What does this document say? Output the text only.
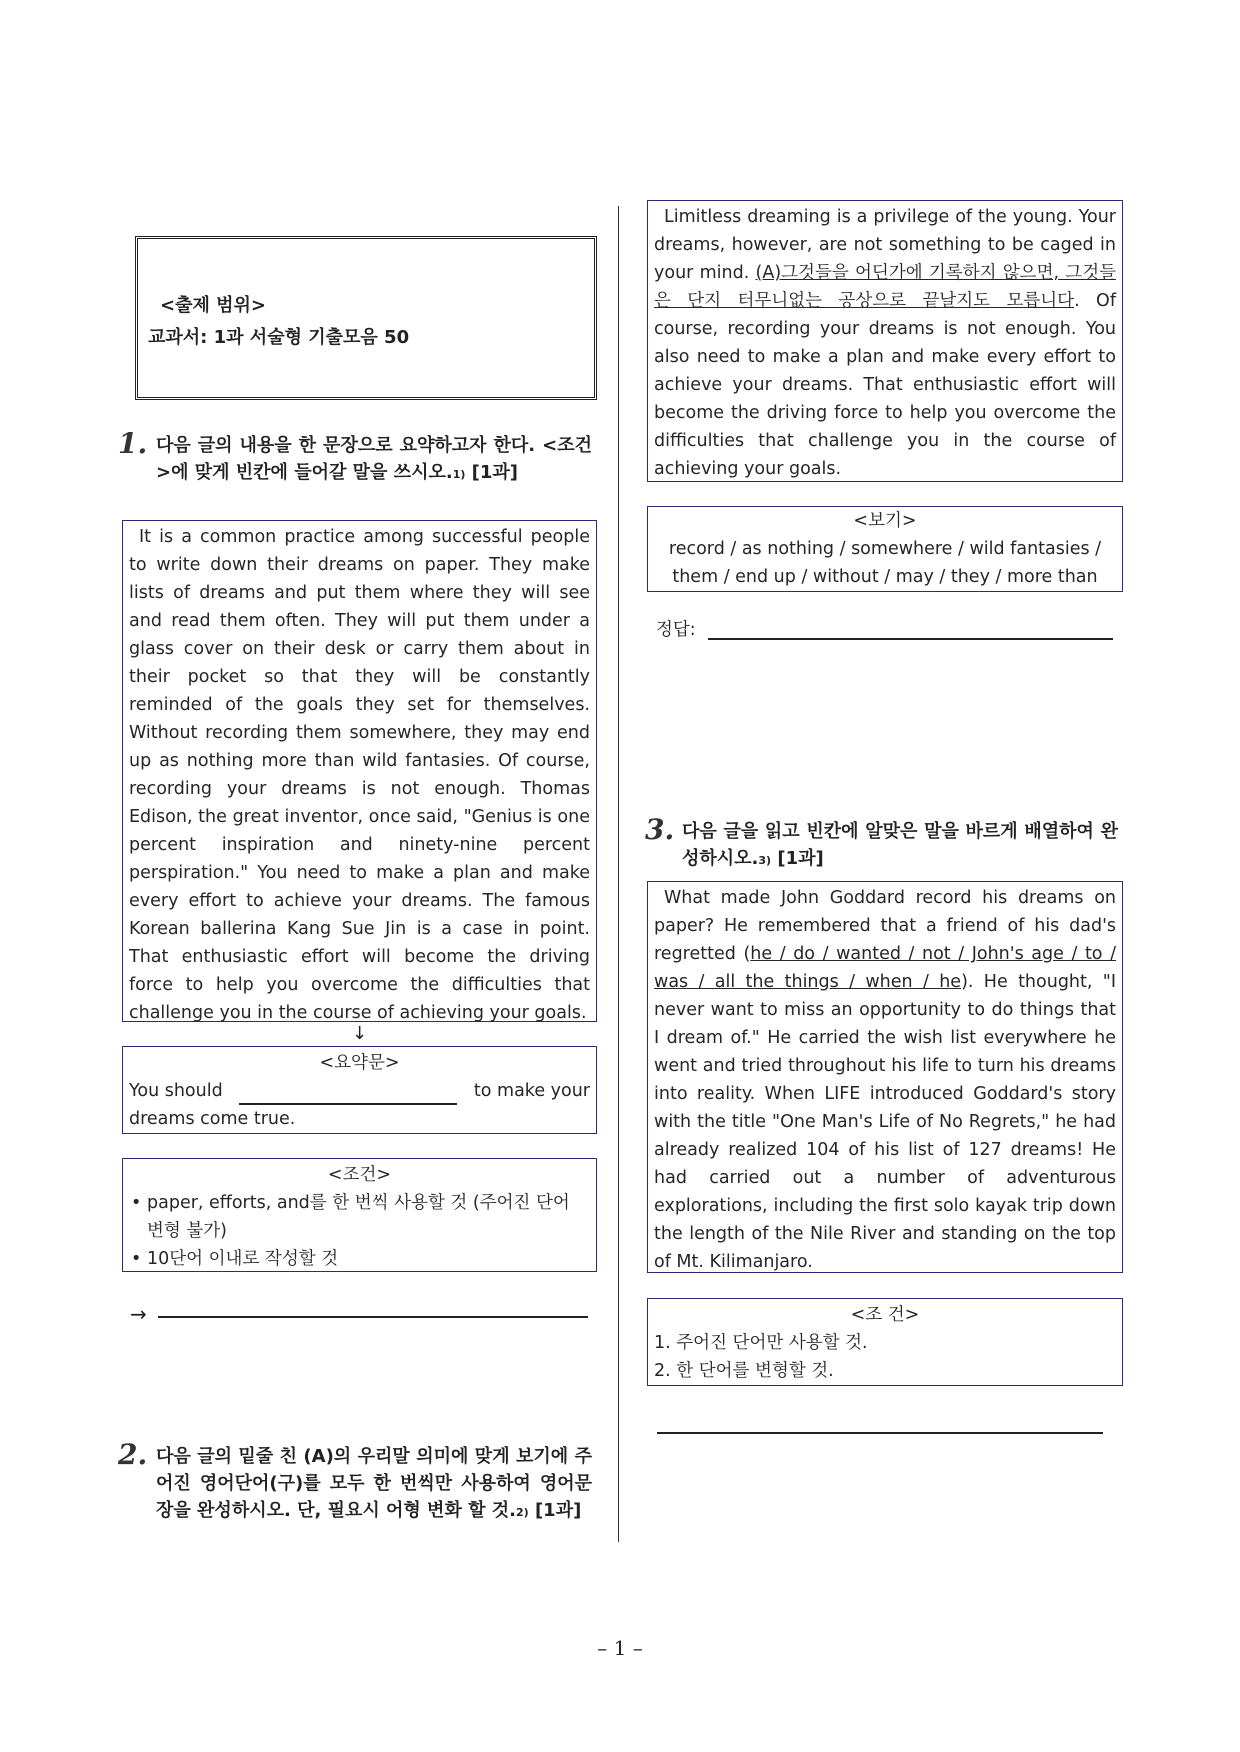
<출제 범위>
교과서: 1과 서술형 기출모음 50
1. 다음 글의 내용을 한 문장으로 요약하고자 한다. <조건>에 맞게 빈칸에 들어갈 말을 쓰시오.$^{1)}$ [1과]

It is a common practice among successful people to write down their dreams on paper. They make lists of dreams and put them where they will see and read them often. They will put them under a glass cover on their desk or carry them about in their pocket so that they will be constantly reminded of the goals they set for themselves. Without recording them somewhere, they may end up as nothing more than wild fantasies. Of course, recording your dreams is not enough. Thomas Edison, the great inventor, once said, "Genius is one percent inspiration and ninety-nine percent perspiration." You need to make a plan and make every effort to achieve your dreams. The famous Korean ballerina Kang Sue Jin is a case in point. That enthusiastic effort will become the driving force to help you overcome the difficulties that challenge you in the course of achieving your goals.

↓
<요약문>
You should	to make your
dreams come true.
<조건>
• paper, efforts, and를 한 번씩 사용할 것 (주어진 단어 변형 불가)
• 10단어 이내로 작성할 것
→
2. 다음 글의 밑줄 친 (A)의 우리말 의미에 맞게 보기에 주어진 영어단어(구)를 모두 한 번씩만 사용하여 영어문장을 완성하시오. 단, 필요시 어형 변화 할 것.$^{2)}$ [1과]

Limitless dreaming is a privilege of the young. Your dreams, however, are not something to be caged in your mind. (A)그것들을 어딘가에 기록하지 않으면, 그것들은 단지 터무니없는 공상으로 끝날지도 모릅니다. Of course, recording your dreams is not enough. You also need to make a plan and make every effort to achieve your dreams. That enthusiastic effort will become the driving force to help you overcome the difficulties that challenge you in the course of achieving your goals.

<보기>
record / as nothing / somewhere / wild fantasies /
them / end up / without / may / they / more than
정답:
3. 다음 글을 읽고 빈칸에 알맞은 말을 바르게 배열하여 완성하시오.$^{3)}$ [1과]

What made John Goddard record his dreams on paper? He remembered that a friend of his dad's regretted (he / do / wanted / not / John's age / to / was / all the things / when / he). He thought, "I never want to miss an opportunity to do things that I dream of." He carried the wish list everywhere he went and tried throughout his life to turn his dreams into reality. When LIFE introduced Goddard's story with the title "One Man's Life of No Regrets," he had already realized 104 of his list of 127 dreams! He had carried out a number of adventurous explorations, including the first solo kayak trip down the length of the Nile River and standing on the top of Mt. Kilimanjaro.

<조 건>
1. 주어진 단어만 사용할 것.
2. 한 단어를 변형할 것.
– 1 –
